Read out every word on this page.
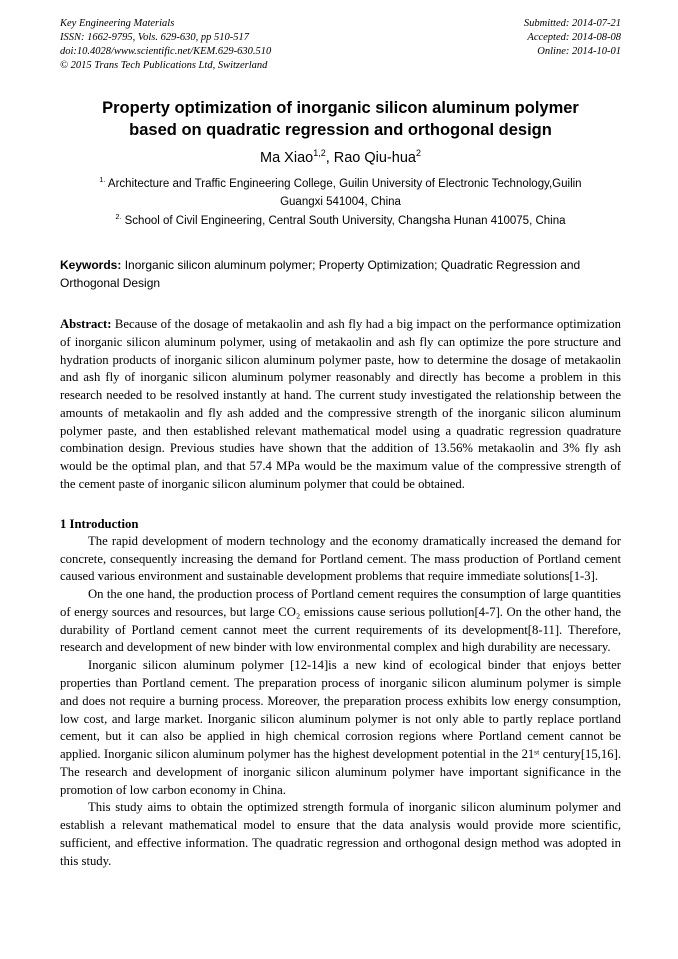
Key Engineering Materials
ISSN: 1662-9795, Vols. 629-630, pp 510-517
doi:10.4028/www.scientific.net/KEM.629-630.510
© 2015 Trans Tech Publications Ltd, Switzerland
Submitted: 2014-07-21
Accepted: 2014-08-08
Online: 2014-10-01
Property optimization of inorganic silicon aluminum polymer
based on quadratic regression and orthogonal design
Ma Xiao$^{1,2}$, Rao Qiu-hua$^2$
$^{1.}$ Architecture and Traffic Engineering College, Guilin University of Electronic Technology,Guilin
Guangxi 541004, China
$^{2.}$ School of Civil Engineering, Central South University, Changsha Hunan 410075, China
Keywords: Inorganic silicon aluminum polymer; Property Optimization; Quadratic Regression and Orthogonal Design

Abstract: Because of the dosage of metakaolin and ash fly had a big impact on the performance optimization of inorganic silicon aluminum polymer, using of metakaolin and ash fly can optimize the pore structure and hydration products of inorganic silicon aluminum polymer paste, how to determine the dosage of metakaolin and ash fly of inorganic silicon aluminum polymer reasonably and directly has become a problem in this research needed to be resolved instantly at hand. The current study investigated the relationship between the amounts of metakaolin and fly ash added and the compressive strength of the inorganic silicon aluminum polymer paste, and then established relevant mathematical model using a quadratic regression quadrature combination design. Previous studies have shown that the addition of 13.56% metakaolin and 3% fly ash would be the optimal plan, and that 57.4 MPa would be the maximum value of the compressive strength of the cement paste of inorganic silicon aluminum polymer that could be obtained.

1 Introduction

The rapid development of modern technology and the economy dramatically increased the demand for concrete, consequently increasing the demand for Portland cement. The mass production of Portland cement caused various environment and sustainable development problems that require immediate solutions[1-3].

On the one hand, the production process of Portland cement requires the consumption of large quantities of energy sources and resources, but large CO₂ emissions cause serious pollution[4-7]. On the other hand, the durability of Portland cement cannot meet the current requirements of its development[8-11]. Therefore, research and development of new binder with low environmental complex and high durability are necessary.

Inorganic silicon aluminum polymer [12-14]is a new kind of ecological binder that enjoys better properties than Portland cement. The preparation process of inorganic silicon aluminum polymer is simple and does not require a burning process. Moreover, the preparation process exhibits low energy consumption, low cost, and large market. Inorganic silicon aluminum polymer is not only able to partly replace portland cement, but it can also be applied in high chemical corrosion regions where Portland cement cannot be applied. Inorganic silicon aluminum polymer has the highest development potential in the 21ˢᵗ century[15,16]. The research and development of inorganic silicon aluminum polymer have important significance in the promotion of low carbon economy in China.

This study aims to obtain the optimized strength formula of inorganic silicon aluminum polymer and establish a relevant mathematical model to ensure that the data analysis would provide more scientific, sufficient, and effective information. The quadratic regression and orthogonal design method was adopted in this study.
